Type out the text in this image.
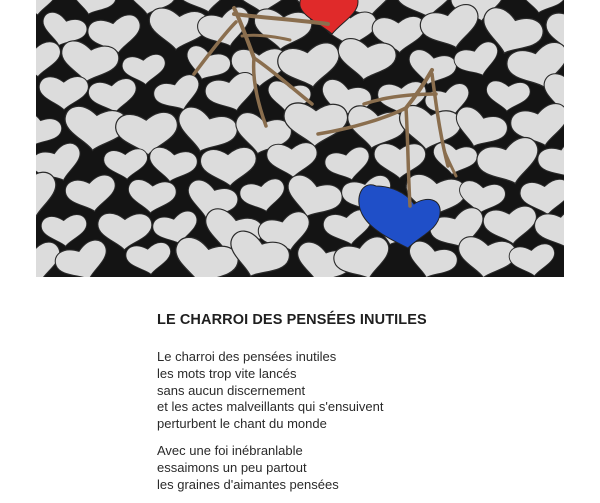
LE CHARROI DES PENSÉES INUTILES
Le charroi des pensées inutiles
les mots trop vite lancés
sans aucun discernement
et les actes malveillants qui s'ensuivent
perturbent le chant du monde
Avec une foi inébranlable
essaimons un peu partout
les graines d'aimantes pensées
